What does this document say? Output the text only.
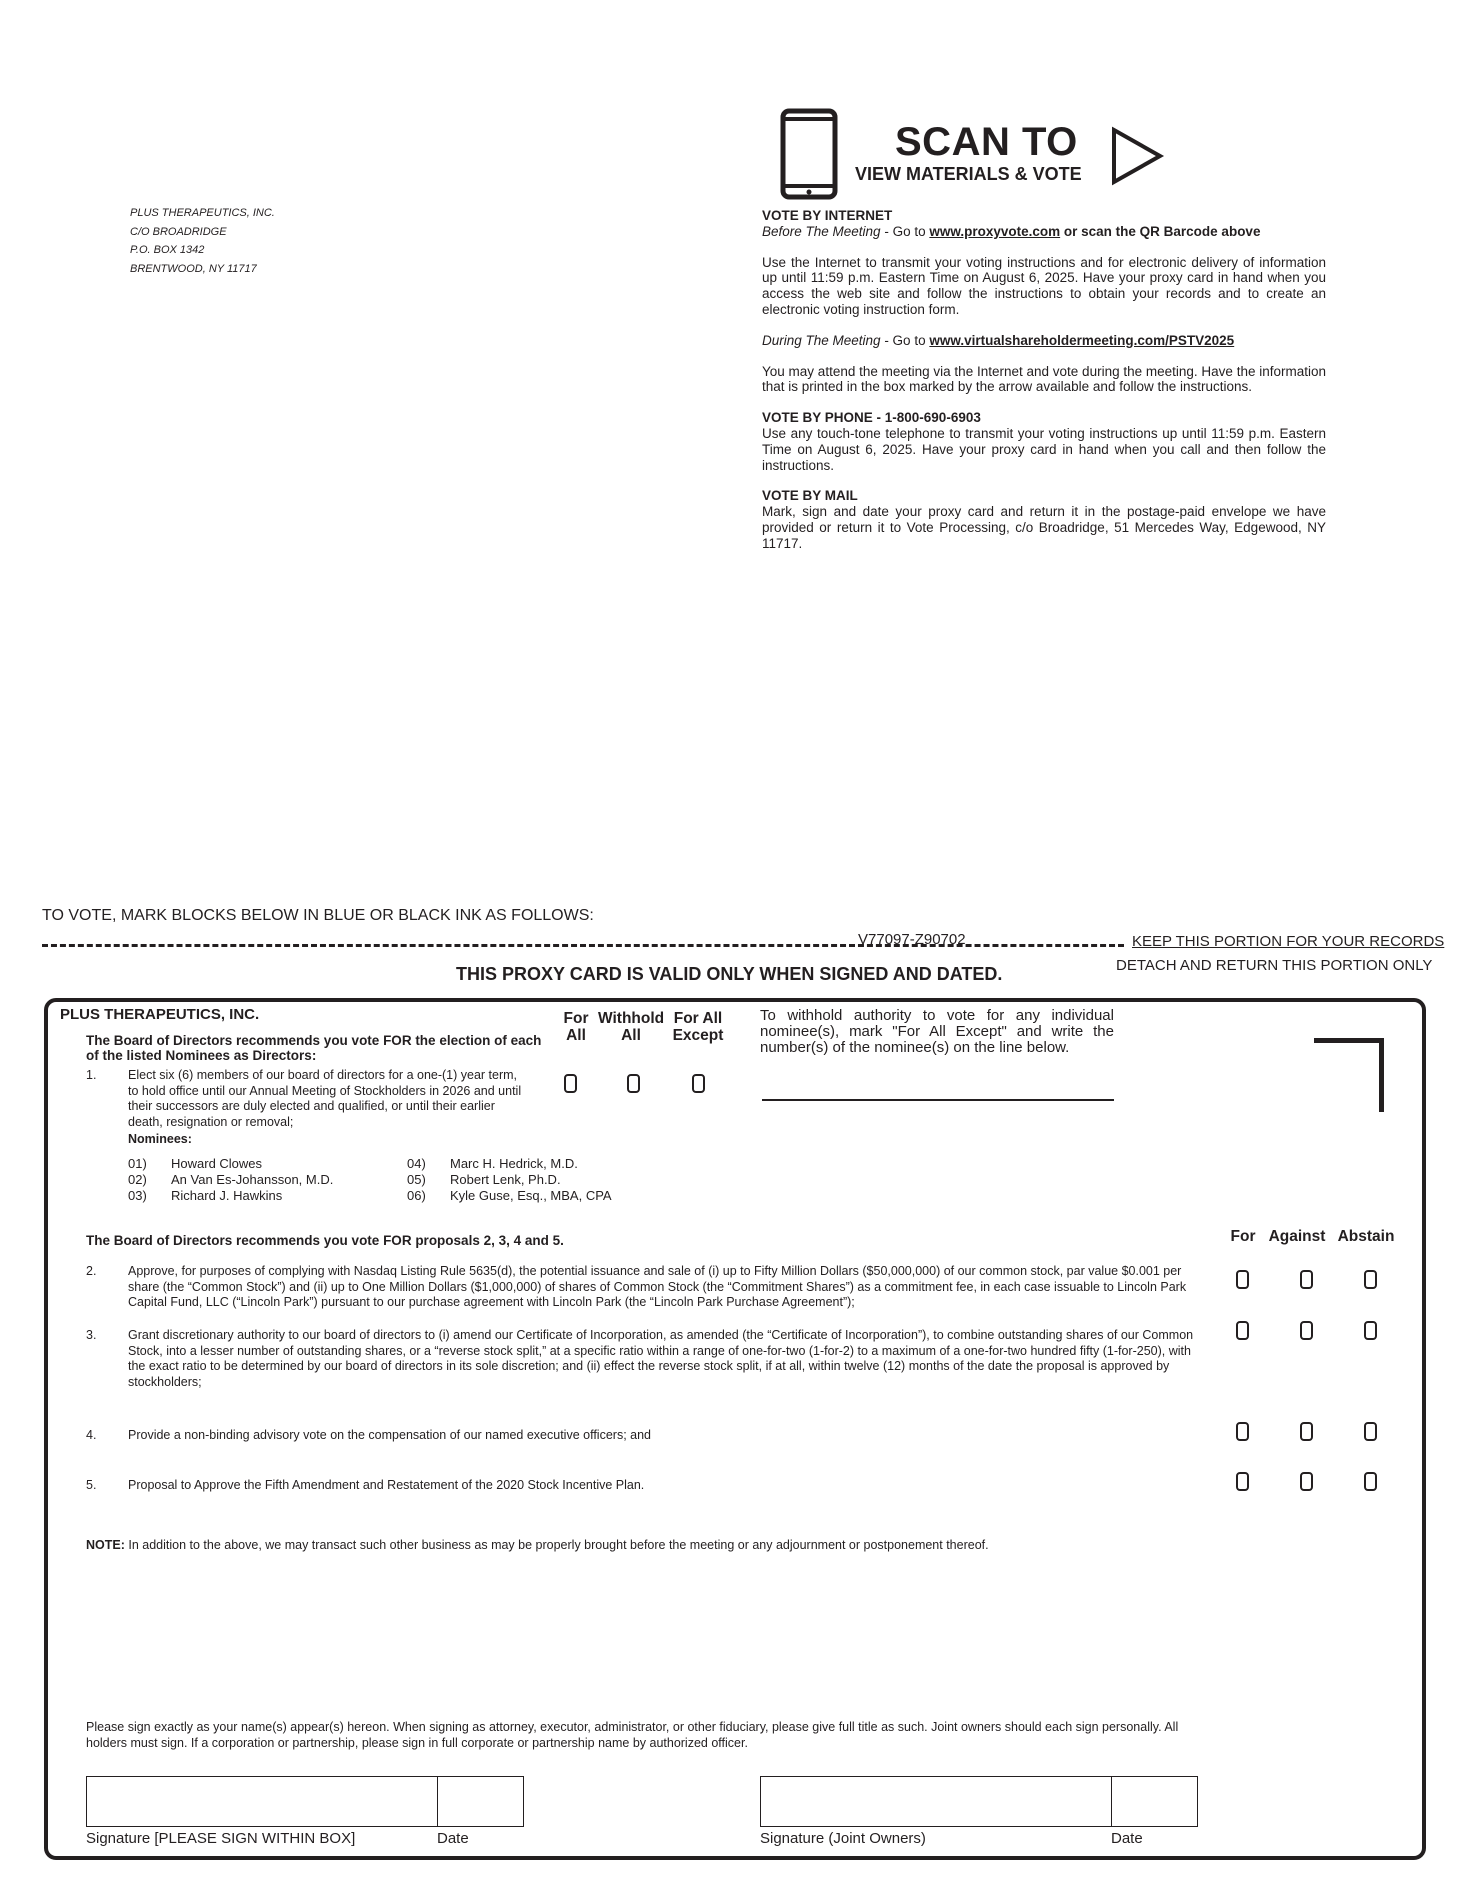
PLUS THERAPEUTICS, INC.
C/O BROADRIDGE
P.O. BOX 1342
BRENTWOOD, NY 11717
SCAN TO
VIEW MATERIALS & VOTE
VOTE BY INTERNET
Before The Meeting - Go to www.proxyvote.com or scan the QR Barcode above

Use the Internet to transmit your voting instructions and for electronic delivery of information up until 11:59 p.m. Eastern Time on August 6, 2025. Have your proxy card in hand when you access the web site and follow the instructions to obtain your records and to create an electronic voting instruction form.

During The Meeting - Go to www.virtualshareholdermeeting.com/PSTV2025

You may attend the meeting via the Internet and vote during the meeting. Have the information that is printed in the box marked by the arrow available and follow the instructions.

VOTE BY PHONE - 1-800-690-6903

Use any touch-tone telephone to transmit your voting instructions up until 11:59 p.m. Eastern Time on August 6, 2025. Have your proxy card in hand when you call and then follow the instructions.

VOTE BY MAIL

Mark, sign and date your proxy card and return it in the postage-paid envelope we have provided or return it to Vote Processing, c/o Broadridge, 51 Mercedes Way, Edgewood, NY 11717.

TO VOTE, MARK BLOCKS BELOW IN BLUE OR BLACK INK AS FOLLOWS:
V77097-Z90702	KEEP THIS PORTION FOR YOUR RECORDS
DETACH AND RETURN THIS PORTION ONLY
THIS PROXY CARD IS VALID ONLY WHEN SIGNED AND DATED.
PLUS THERAPEUTICS, INC.
The Board of Directors recommends you vote FOR the election of each of the listed Nominees as Directors:
For All
Withhold All
For All Except
1.	Elect six (6) members of our board of directors for a one-(1) year term, to hold office until our Annual Meeting of Stockholders in 2026 and until their successors are duly elected and qualified, or until their earlier death, resignation or removal;
Nominees:
To withhold authority to vote for any individual nominee(s), mark "For All Except" and write the number(s) of the nominee(s) on the line below.
01) Howard Clowes
02) An Van Es-Johansson, M.D.
03) Richard J. Hawkins
04) Marc H. Hedrick, M.D.
05) Robert Lenk, Ph.D.
06) Kyle Guse, Esq., MBA, CPA
The Board of Directors recommends you vote FOR proposals 2, 3, 4 and 5.	For Against Abstain
2.	Approve, for purposes of complying with Nasdaq Listing Rule 5635(d), the potential issuance and sale of (i) up to Fifty Million Dollars ($50,000,000) of our common stock, par value $0.001 per share (the “Common Stock”) and (ii) up to One Million Dollars ($1,000,000) of shares of Common Stock (the “Commitment Shares”) as a commitment fee, in each case issuable to Lincoln Park Capital Fund, LLC (“Lincoln Park”) pursuant to our purchase agreement with Lincoln Park (the “Lincoln Park Purchase Agreement”);
3.	Grant discretionary authority to our board of directors to (i) amend our Certificate of Incorporation, as amended (the “Certificate of Incorporation”), to combine outstanding shares of our Common Stock, into a lesser number of outstanding shares, or a “reverse stock split,” at a specific ratio within a range of one-for-two (1-for-2) to a maximum of a one-for-two hundred fifty (1-for-250), with the exact ratio to be determined by our board of directors in its sole discretion; and (ii) effect the reverse stock split, if at all, within twelve (12) months of the date the proposal is approved by stockholders;
4.	Provide a non-binding advisory vote on the compensation of our named executive officers; and
5.	Proposal to Approve the Fifth Amendment and Restatement of the 2020 Stock Incentive Plan.
NOTE: In addition to the above, we may transact such other business as may be properly brought before the meeting or any adjournment or postponement thereof.
Please sign exactly as your name(s) appear(s) hereon. When signing as attorney, executor, administrator, or other fiduciary, please give full title as such. Joint owners should each sign personally. All holders must sign. If a corporation or partnership, please sign in full corporate or partnership name by authorized officer.
Signature [PLEASE SIGN WITHIN BOX]	Date	Signature (Joint Owners)	Date
